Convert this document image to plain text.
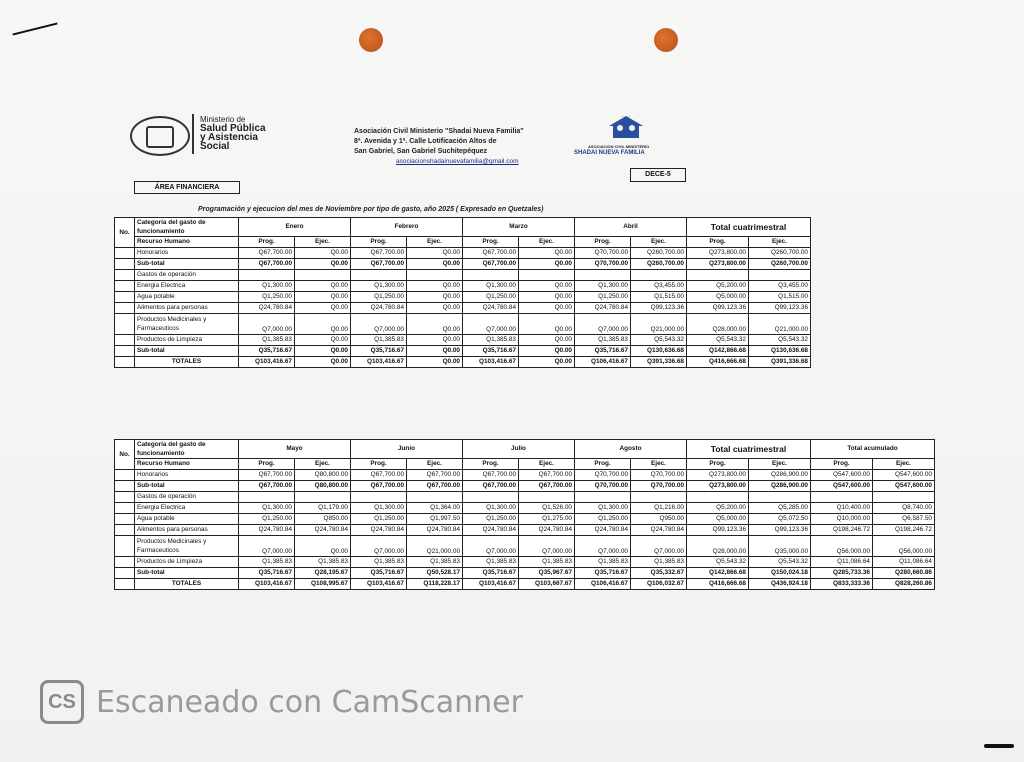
Ministerio de
Salud Pública
y Asistencia
Social
Asociación Civil Ministerio "Shadai Nueva Familia"
8ª. Avenida y 1ª. Calle Lotificación Altos de
San Gabriel, San Gabriel Suchitepéquez
asociacionshadainuevafamilia@gmail.com
ASOCIACION CIVIL MINISTERIO
SHADAI NUEVA FAMILIA
DECE-5
ÁREA FINANCIERA
Programación y ejecucion del mes de Noviembre por tipo de gasto, año 2025 ( Expresado en Quetzales)
No.	Categoría del gasto de funcionamiento	Enero		Febrero		Marzo		Abril		Total cuatrimestral	
	Recurso Humano	Prog.	Ejec.	Prog.	Ejec.	Prog.	Ejec.	Prog.	Ejec.	Prog.	Ejec.
	Honorarios	Q67,700.00	Q0.00	Q67,700.00	Q0.00	Q67,700.00	Q0.00	Q70,700.00	Q260,700.00	Q273,800.00	Q260,700.00
	Sub-total	Q67,700.00	Q0.00	Q67,700.00	Q0.00	Q67,700.00	Q0.00	Q70,700.00	Q260,700.00	Q273,800.00	Q260,700.00
	Gastos de operación										
	Energia Electrica	Q1,300.00	Q0.00	Q1,300.00	Q0.00	Q1,300.00	Q0.00	Q1,300.00	Q3,455.00	Q5,200.00	Q3,455.00
	Agua potable	Q1,250.00	Q0.00	Q1,250.00	Q0.00	Q1,250.00	Q0.00	Q1,250.00	Q1,515.00	Q5,000.00	Q1,515.00
	Alimentos para personas	Q24,780.84	Q0.00	Q24,780.84	Q0.00	Q24,780.84	Q0.00	Q24,780.84	Q99,123.36	Q99,123.36	Q99,123.36
	Productos Medicinales y Farmaceuticos	Q7,000.00	Q0.00	Q7,000.00	Q0.00	Q7,000.00	Q0.00	Q7,000.00	Q21,000.00	Q28,000.00	Q21,000.00
	Productos de Limpieza	Q1,385.83	Q0.00	Q1,385.83	Q0.00	Q1,385.83	Q0.00	Q1,385.83	Q5,543.32	Q5,543.32	Q5,543.32
	Sub-total	Q35,716.67	Q0.00	Q35,716.67	Q0.00	Q35,716.67	Q0.00	Q35,716.67	Q130,636.68	Q142,866.68	Q130,636.68
	TOTALES	Q103,416.67	Q0.00	Q103,416.67	Q0.00	Q103,416.67	Q0.00	Q106,416.67	Q391,336.68	Q416,666.68	Q391,336.68
No.	Categoría del gasto de funcionamiento	Mayo		Junio		Julio		Agosto		Total cuatrimestral		Total acumulado	
	Recurso Humano	Prog.	Ejec.	Prog.	Ejec.	Prog.	Ejec.	Prog.	Ejec.	Prog.	Ejec.	Prog.	Ejec.
	Honorarios	Q67,700.00	Q80,800.00	Q67,700.00	Q67,700.00	Q67,700.00	Q67,700.00	Q70,700.00	Q70,700.00	Q273,800.00	Q286,900.00	Q547,600.00	Q547,600.00
	Sub-total	Q67,700.00	Q80,800.00	Q67,700.00	Q67,700.00	Q67,700.00	Q67,700.00	Q70,700.00	Q70,700.00	Q273,800.00	Q286,900.00	Q547,600.00	Q547,600.00
	Gastos de operación												
	Energia Electrica	Q1,300.00	Q1,179.00	Q1,300.00	Q1,364.00	Q1,300.00	Q1,526.00	Q1,300.00	Q1,216.00	Q5,200.00	Q5,285.00	Q10,400.00	Q8,740.00
	Agua potable	Q1,250.00	Q850.00	Q1,250.00	Q1,997.50	Q1,250.00	Q1,275.00	Q1,250.00	Q950.00	Q5,000.00	Q5,072.50	Q10,000.00	Q6,587.50
	Alimentos para personas	Q24,780.84	Q24,780.84	Q24,780.84	Q24,780.84	Q24,780.84	Q24,780.84	Q24,780.84	Q24,780.84	Q99,123.36	Q99,123.36	Q198,246.72	Q198,246.72
	Productos Medicinales y Farmaceuticos	Q7,000.00	Q0.00	Q7,000.00	Q21,000.00	Q7,000.00	Q7,000.00	Q7,000.00	Q7,000.00	Q28,000.00	Q35,000.00	Q56,000.00	Q56,000.00
	Productos de Limpieza	Q1,385.83	Q1,385.83	Q1,385.83	Q1,385.83	Q1,385.83	Q1,385.83	Q1,385.83	Q1,385.83	Q5,543.32	Q5,543.32	Q11,086.64	Q11,086.64
	Sub-total	Q35,716.67	Q28,195.67	Q35,716.67	Q50,528.17	Q35,716.67	Q35,967.67	Q35,716.67	Q35,332.67	Q142,866.68	Q150,024.18	Q285,733.36	Q280,660.86
	TOTALES	Q103,416.67	Q108,995.67	Q103,416.67	Q118,228.17	Q103,416.67	Q103,667.67	Q106,416.67	Q106,032.67	Q416,666.68	Q436,924.18	Q833,333.36	Q828,260.86
CS Escaneado con CamScanner
